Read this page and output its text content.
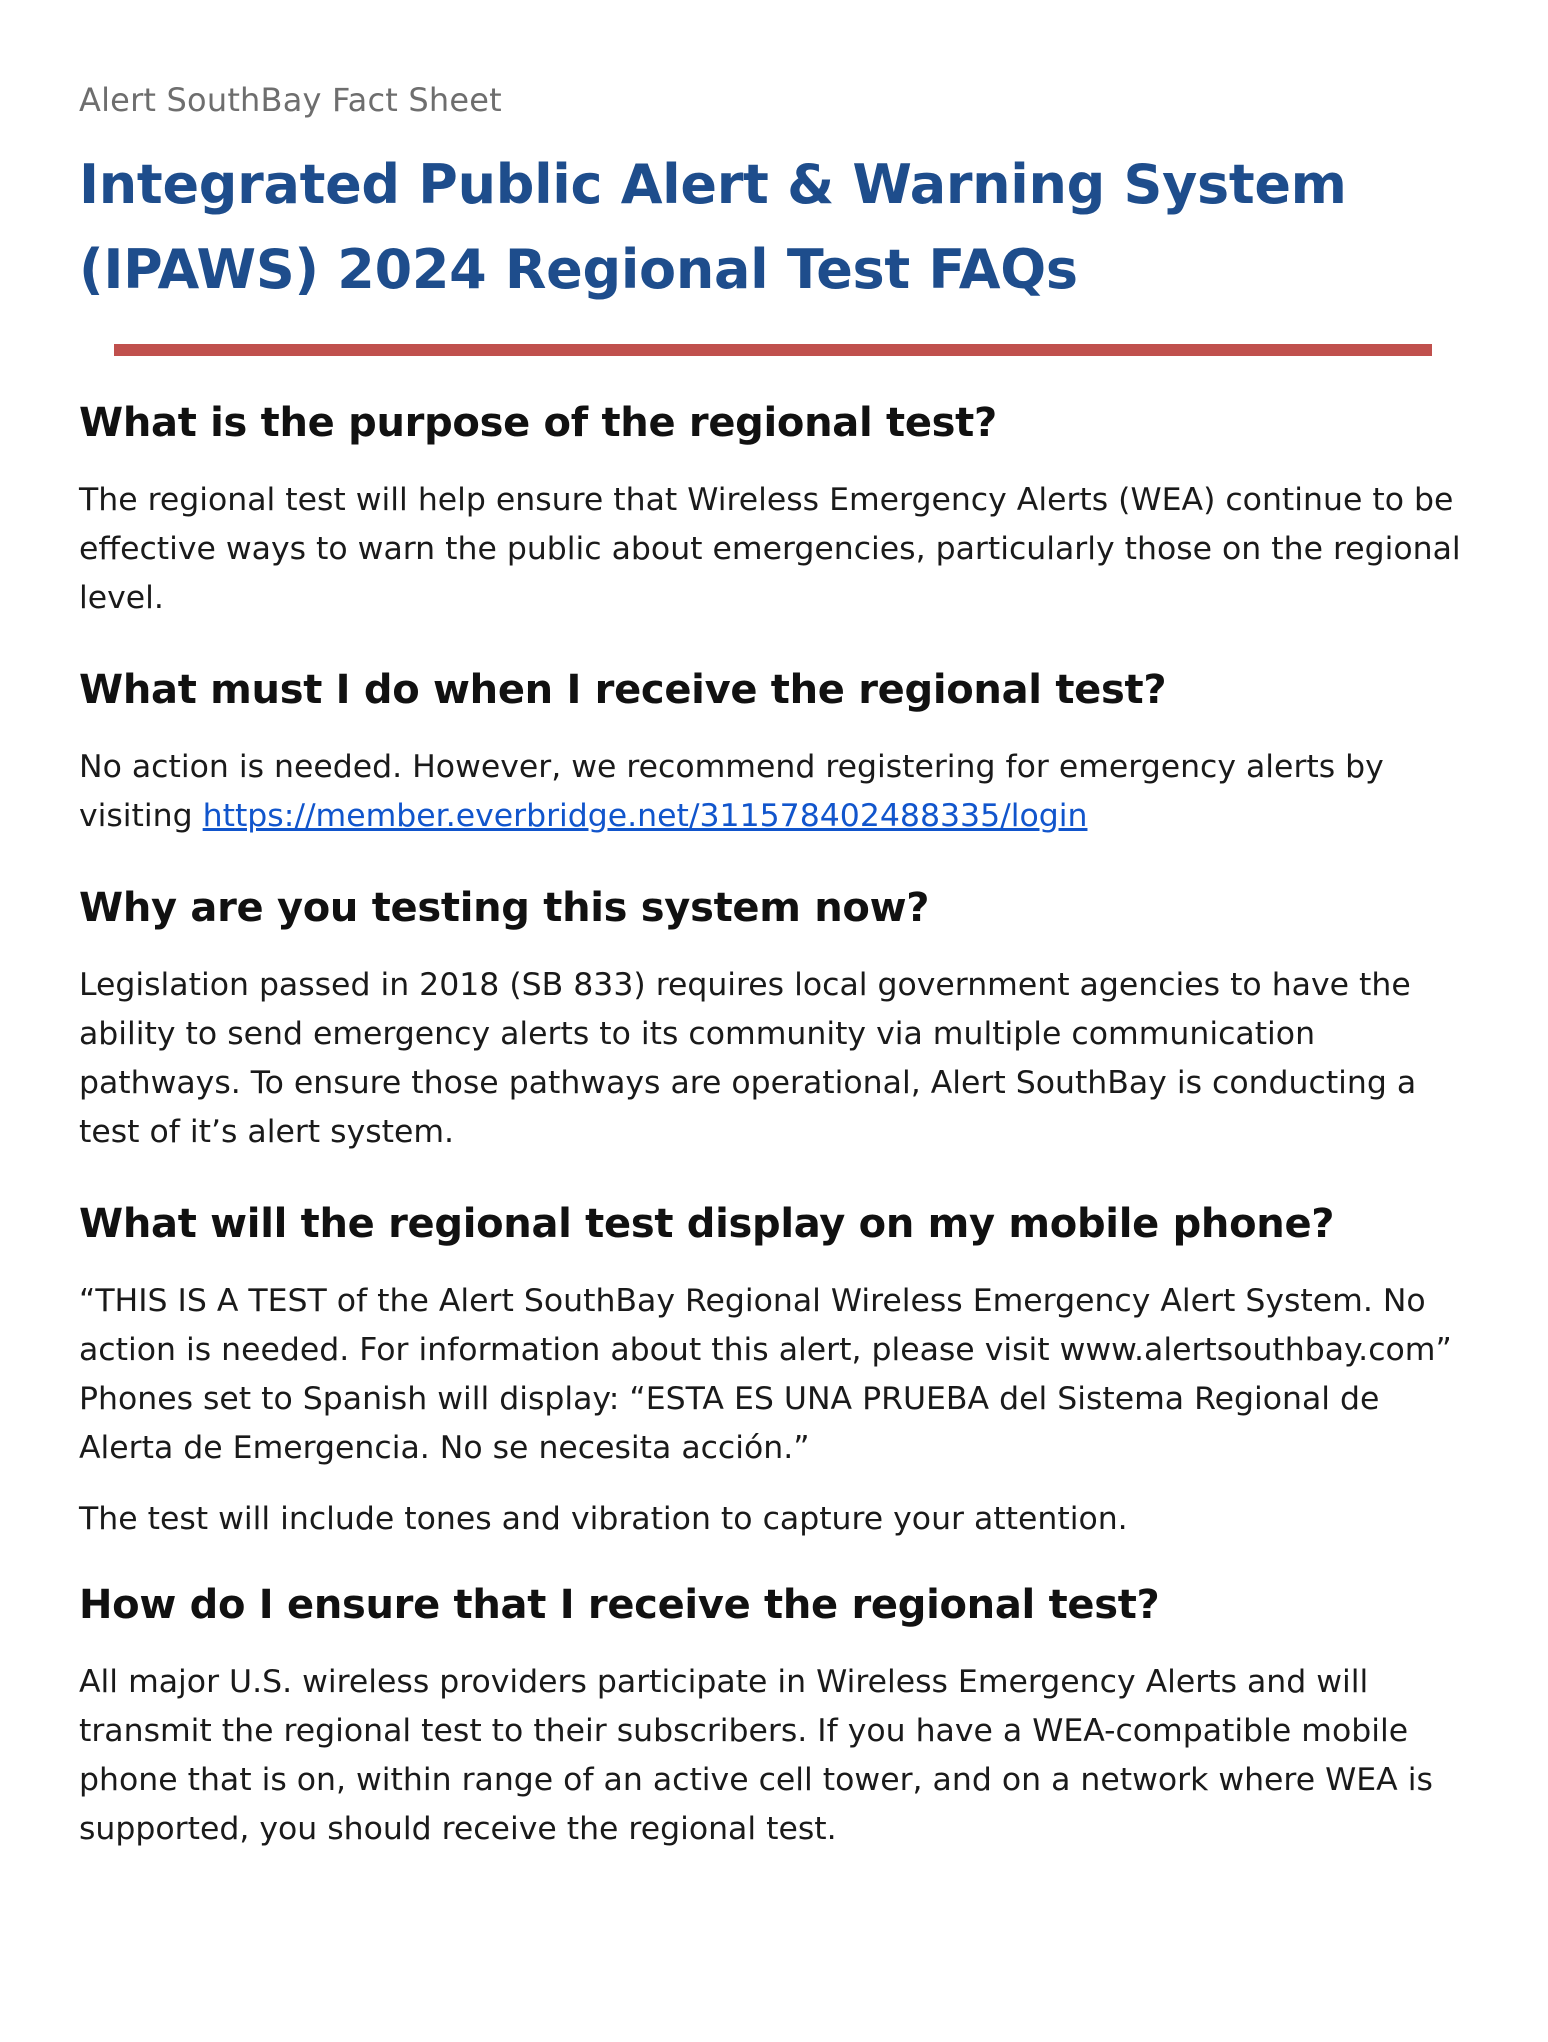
Alert SouthBay Fact Sheet

Integrated Public Alert & Warning System
(IPAWS) 2024 Regional Test FAQs
What is the purpose of the regional test?

The regional test will help ensure that Wireless Emergency Alerts (WEA) continue to be effective ways to warn the public about emergencies, particularly those on the regional level.

What must I do when I receive the regional test?

No action is needed. However, we recommend registering for emergency alerts by visiting https://member.everbridge.net/311578402488335/login

Why are you testing this system now?

Legislation passed in 2018 (SB 833) requires local government agencies to have the ability to send emergency alerts to its community via multiple communication pathways. To ensure those pathways are operational, Alert SouthBay is conducting a test of it’s alert system.

What will the regional test display on my mobile phone?

“THIS IS A TEST of the Alert SouthBay Regional Wireless Emergency Alert System. No action is needed. For information about this alert, please visit www.alertsouthbay.com” Phones set to Spanish will display: “ESTA ES UNA PRUEBA del Sistema Regional de Alerta de Emergencia. No se necesita acción.”

The test will include tones and vibration to capture your attention.

How do I ensure that I receive the regional test?

All major U.S. wireless providers participate in Wireless Emergency Alerts and will transmit the regional test to their subscribers. If you have a WEA-compatible mobile phone that is on, within range of an active cell tower, and on a network where WEA is supported, you should receive the regional test.
